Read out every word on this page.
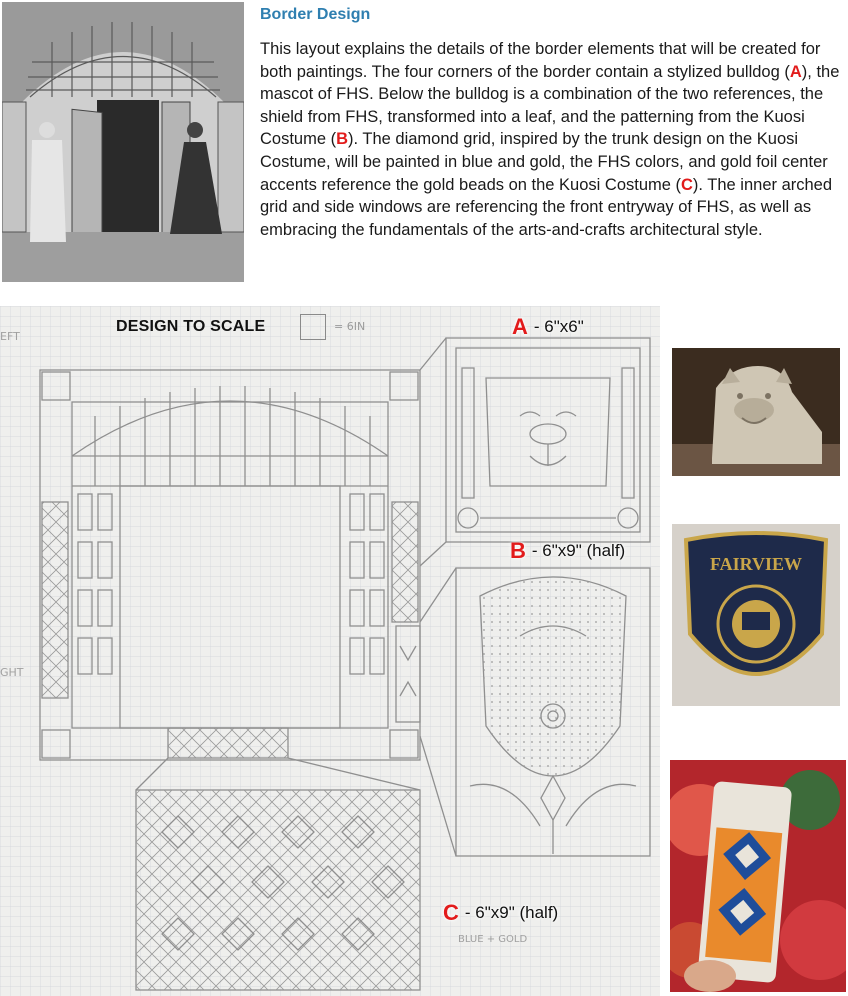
Border Design
This layout explains the details of the border elements that will be created for both paintings. The four corners of the border contain a stylized bulldog (A), the mascot of FHS. Below the bulldog is a combination of the two references, the shield from FHS, transformed into a leaf, and the patterning from the Kuosi Costume (B). The diamond grid, inspired by the trunk design on the Kuosi Costume, will be painted in blue and gold, the FHS colors, and gold foil center accents reference the gold beads on the Kuosi Costume (C). The inner arched grid and side windows are referencing the front entryway of FHS, as well as embracing the fundamentals of the arts-and-crafts architectural style.
DESIGN TO SCALE	= 6IN
EFT
GHT
A - 6"x6"
B - 6"x9" (half)
C - 6"x9" (half)
BLUE + GOLD
FAIRVIEW
